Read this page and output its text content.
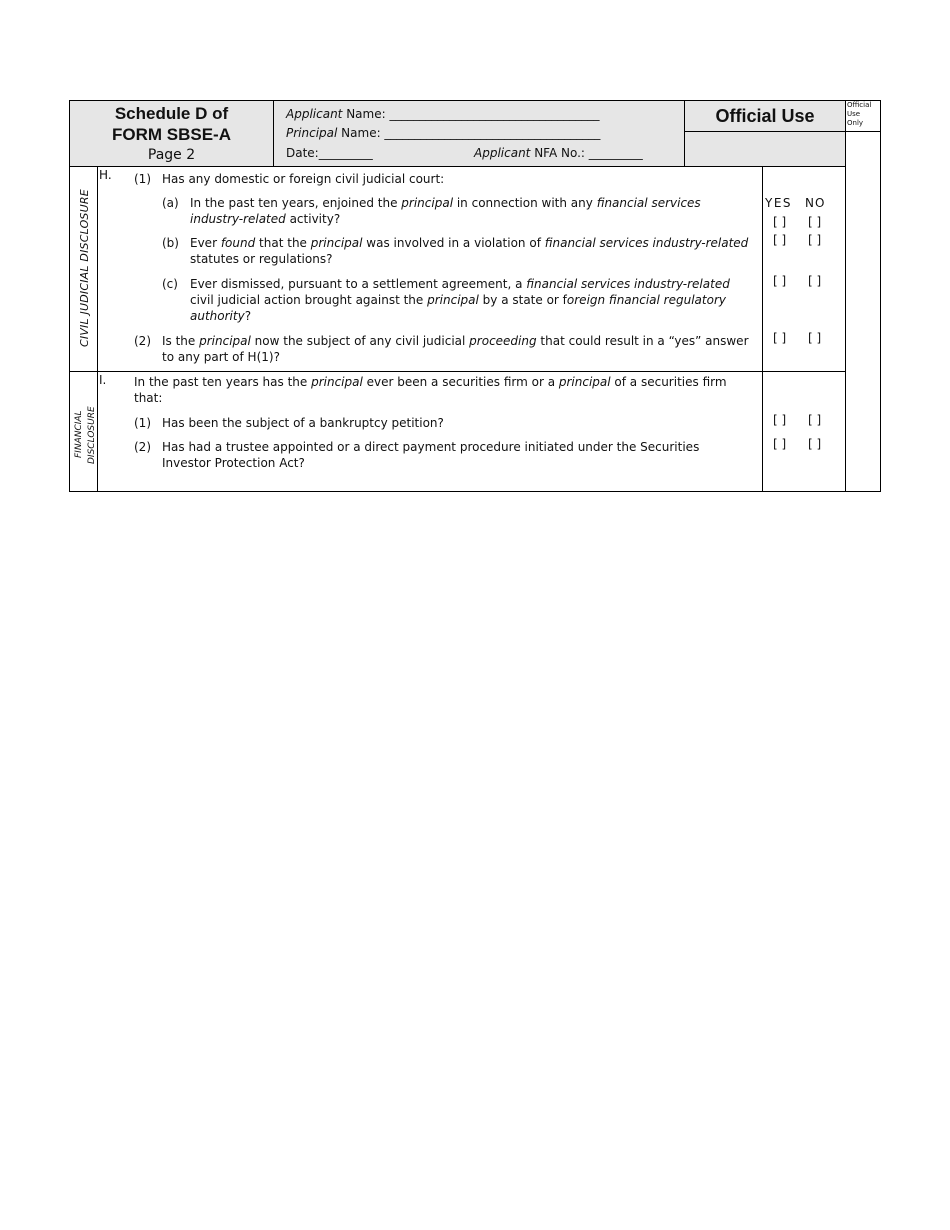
Schedule D of
FORM SBSE-A
Page 2
Applicant Name: ___________________________________
Principal Name: ____________________________________
Date:_________	Applicant NFA No.: _________
Official Use
Official
Use
Only
CIVIL JUDICIAL DISCLOSURE
H. (1) Has any domestic or foreign civil judicial court:
YES NO
(a) In the past ten years, enjoined the principal in connection with any financial services
industry-related activity?	[ ] [ ]
(b) Ever found that the principal was involved in a violation of financial services industry-related
statutes or regulations?
[ ] [ ]
(c) Ever dismissed, pursuant to a settlement agreement, a financial services industry-related
civil judicial action brought against the principal by a state or foreign financial regulatory
authority?
[ ] [ ]
(2) Is the principal now the subject of any civil judicial proceeding that could result in a “yes” answer
to any part of H(1)?
[ ] [ ]
FINANCIAL DISCLOSURE
I. In the past ten years has the principal ever been a securities firm or a principal of a securities firm
that:
(1) Has been the subject of a bankruptcy petition?	[ ] [ ]
(2) Has had a trustee appointed or a direct payment procedure initiated under the Securities
Investor Protection Act?
[ ] [ ]
